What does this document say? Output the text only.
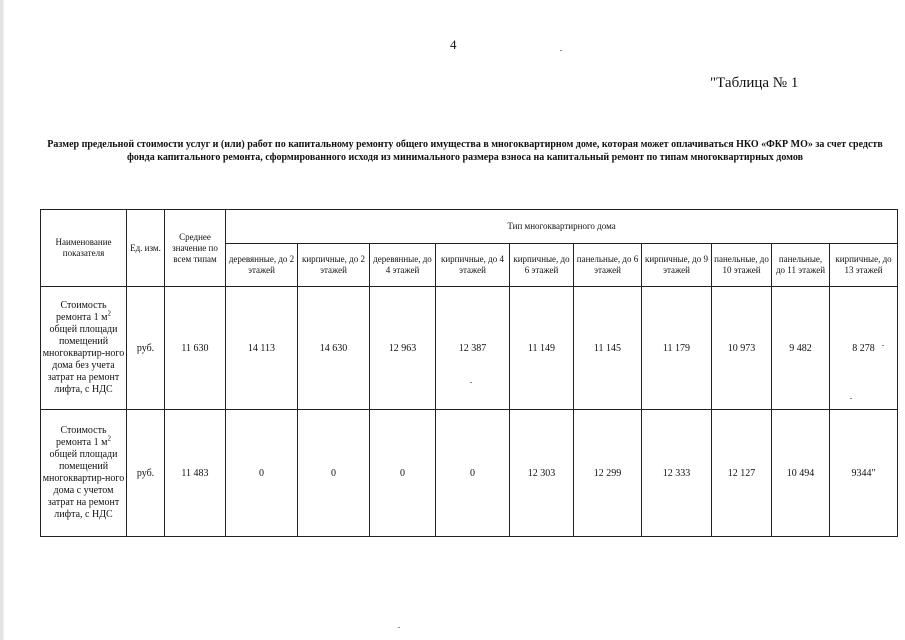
4
"Таблица № 1
Размер предельной стоимости услуг и (или) работ по капитальному ремонту общего имущества в многоквартирном доме, которая может оплачиваться НКО «ФКР МО» за счет средств фонда капитального ремонта, сформированного исходя из минимального размера взноса на капитальный ремонт по типам многоквартирных домов
Наименование показателя	Ед. изм.	Среднее значение по всем типам	Тип многоквартирного дома									
			деревянные, до 2 этажей	кирпичные, до 2 этажей	деревянные, до 4 этажей	кирпичные, до 4 этажей	кирпичные, до 6 этажей	панельные, до 6 этажей	кирпичные, до 9 этажей	панельные, до 10 этажей	панельные, до 11 этажей	кирпичные, до 13 этажей
Стоимость ремонта 1 $м^2$ общей площади помещений многоквартир-ного дома без учета затрат на ремонт лифта, с НДС	руб.	11 630	14 113	14 630	12 963	12 387	11 149	11 145	11 179	10 973	9 482	8 278
Стоимость ремонта 1 $м^2$ общей площади помещений многоквартир-ного дома с учетом затрат на ремонт лифта, с НДС	руб.	11 483	0	0	0	0	12 303	12 299	12 333	12 127	10 494	9344"
